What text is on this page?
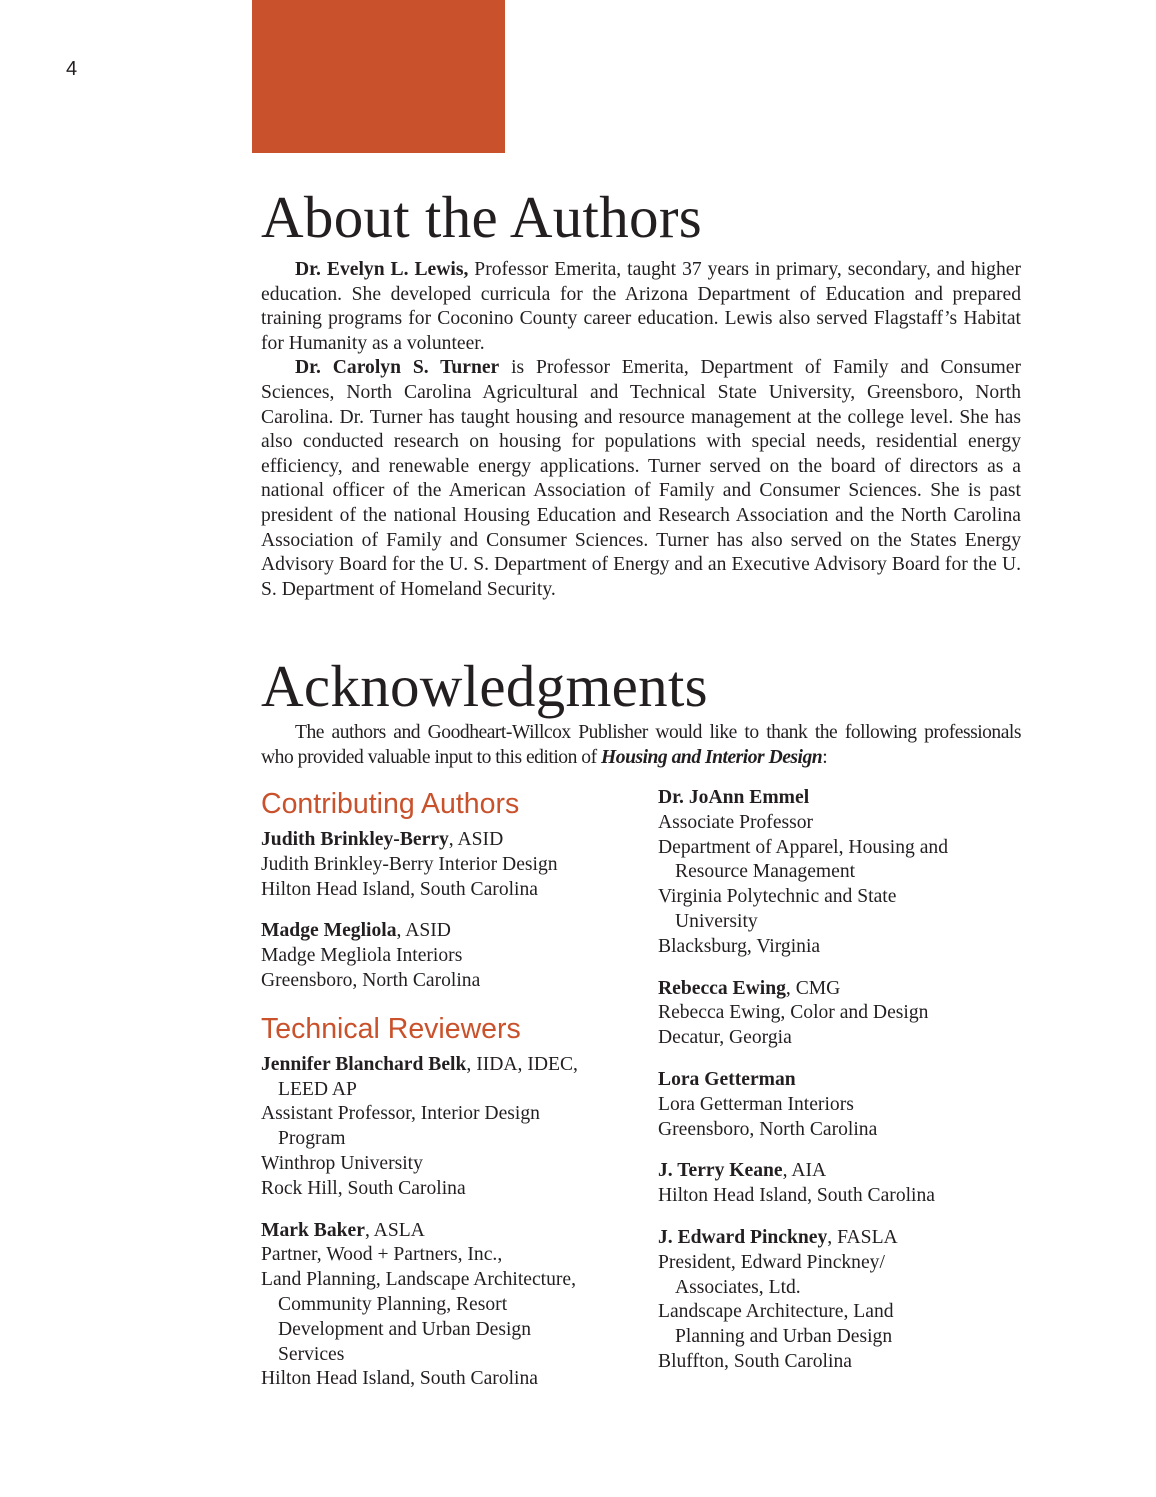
4
About the Authors

Dr. Evelyn L. Lewis, Professor Emerita, taught 37 years in primary, secondary, and higher education. She developed curricula for the Arizona Department of Education and prepared training programs for Coconino County career education. Lewis also served Flagstaff’s Habitat for Humanity as a volunteer.

Dr. Carolyn S. Turner is Professor Emerita, Department of Family and Consumer Sciences, North Carolina Agricultural and Technical State University, Greensboro, North Carolina. Dr. Turner has taught housing and resource management at the college level. She has also conducted research on housing for populations with special needs, residential energy efficiency, and renewable energy applications. Turner served on the board of directors as a national officer of the American Association of Family and Consumer Sciences. She is past president of the national Housing Education and Research Association and the North Carolina Association of Family and Consumer Sciences. Turner has also served on the States Energy Advisory Board for the U. S. Department of Energy and an Executive Advisory Board for the U. S. Department of Homeland Security.

Acknowledgments

The authors and Goodheart-Willcox Publisher would like to thank the following professionals who provided valuable input to this edition of Housing and Interior Design:

Contributing Authors
Judith Brinkley-Berry, ASID
Judith Brinkley-Berry Interior Design
Hilton Head Island, South Carolina
Madge Megliola, ASID
Madge Megliola Interiors
Greensboro, North Carolina
Technical Reviewers
Jennifer Blanchard Belk, IIDA, IDEC,
LEED AP
Assistant Professor, Interior Design
Program
Winthrop University
Rock Hill, South Carolina
Mark Baker, ASLA
Partner, Wood + Partners, Inc.,
Land Planning, Landscape Architecture,
Community Planning, Resort
Development and Urban Design
Services
Hilton Head Island, South Carolina
Dr. JoAnn Emmel
Associate Professor
Department of Apparel, Housing and
Resource Management
Virginia Polytechnic and State
University
Blacksburg, Virginia
Rebecca Ewing, CMG
Rebecca Ewing, Color and Design
Decatur, Georgia
Lora Getterman
Lora Getterman Interiors
Greensboro, North Carolina
J. Terry Keane, AIA
Hilton Head Island, South Carolina
J. Edward Pinckney, FASLA
President, Edward Pinckney/
Associates, Ltd.
Landscape Architecture, Land
Planning and Urban Design
Bluffton, South Carolina
